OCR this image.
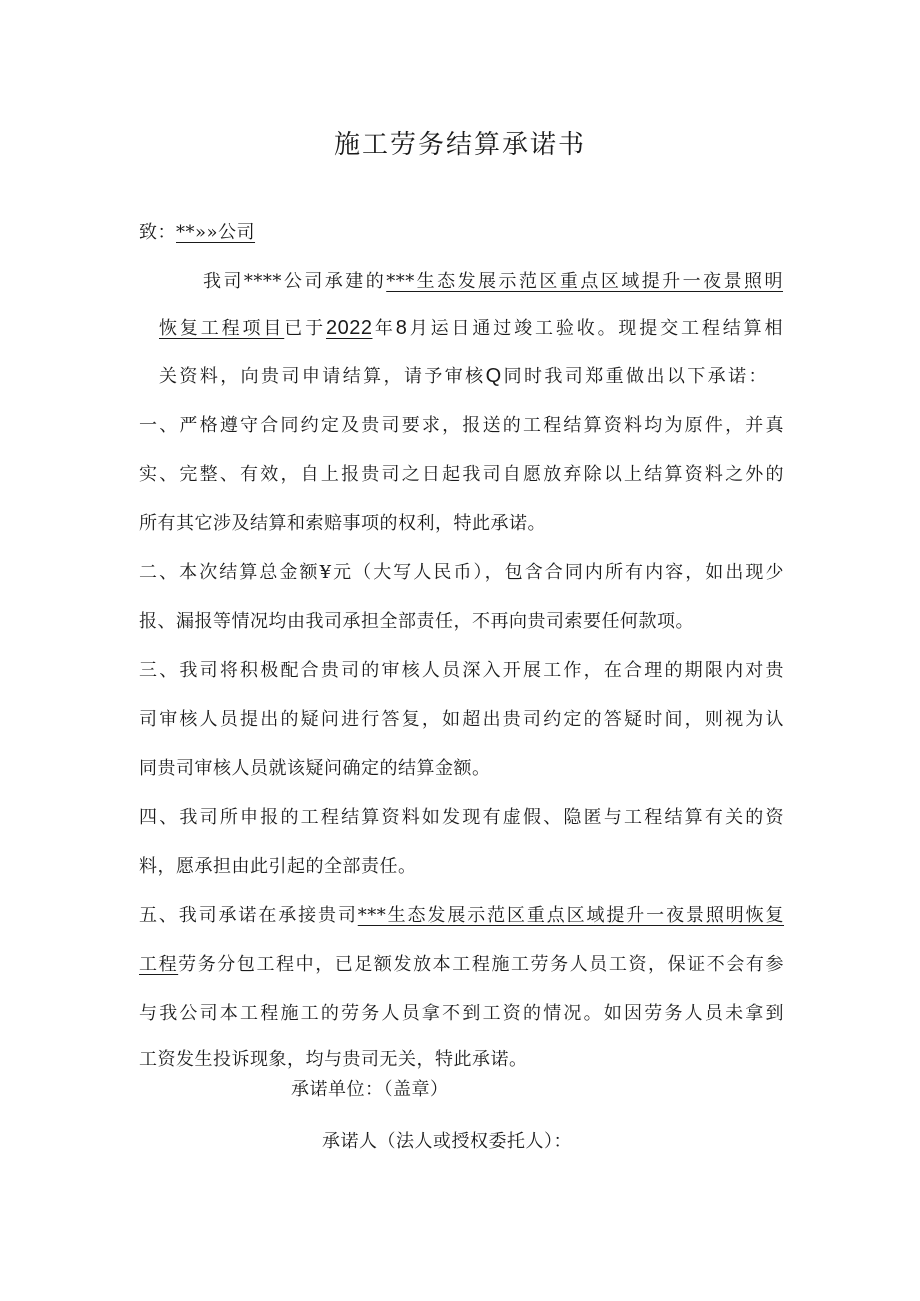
施工劳务结算承诺书
致：**»»公司
我司****公司承建的***生态发展示范区重点区域提升一夜景照明
恢复工程项目已于2022年8月运日通过竣工验收。现提交工程结算相
关资料，向贵司申请结算，请予审核Q同时我司郑重做出以下承诺：
一、严格遵守合同约定及贵司要求，报送的工程结算资料均为原件，并真
实、完整、有效，自上报贵司之日起我司自愿放弃除以上结算资料之外的
所有其它涉及结算和索赔事项的权利，特此承诺。
二、本次结算总金额¥元（大写人民币），包含合同内所有内容，如出现少
报、漏报等情况均由我司承担全部责任，不再向贵司索要任何款项。
三、我司将积极配合贵司的审核人员深入开展工作，在合理的期限内对贵
司审核人员提出的疑问进行答复，如超出贵司约定的答疑时间，则视为认
同贵司审核人员就该疑问确定的结算金额。
四、我司所申报的工程结算资料如发现有虚假、隐匿与工程结算有关的资
料，愿承担由此引起的全部责任。
五、我司承诺在承接贵司***生态发展示范区重点区域提升一夜景照明恢复
工程劳务分包工程中，已足额发放本工程施工劳务人员工资，保证不会有参
与我公司本工程施工的劳务人员拿不到工资的情况。如因劳务人员未拿到
工资发生投诉现象，均与贵司无关，特此承诺。
承诺单位：（盖章）
承诺人（法人或授权委托人）：
